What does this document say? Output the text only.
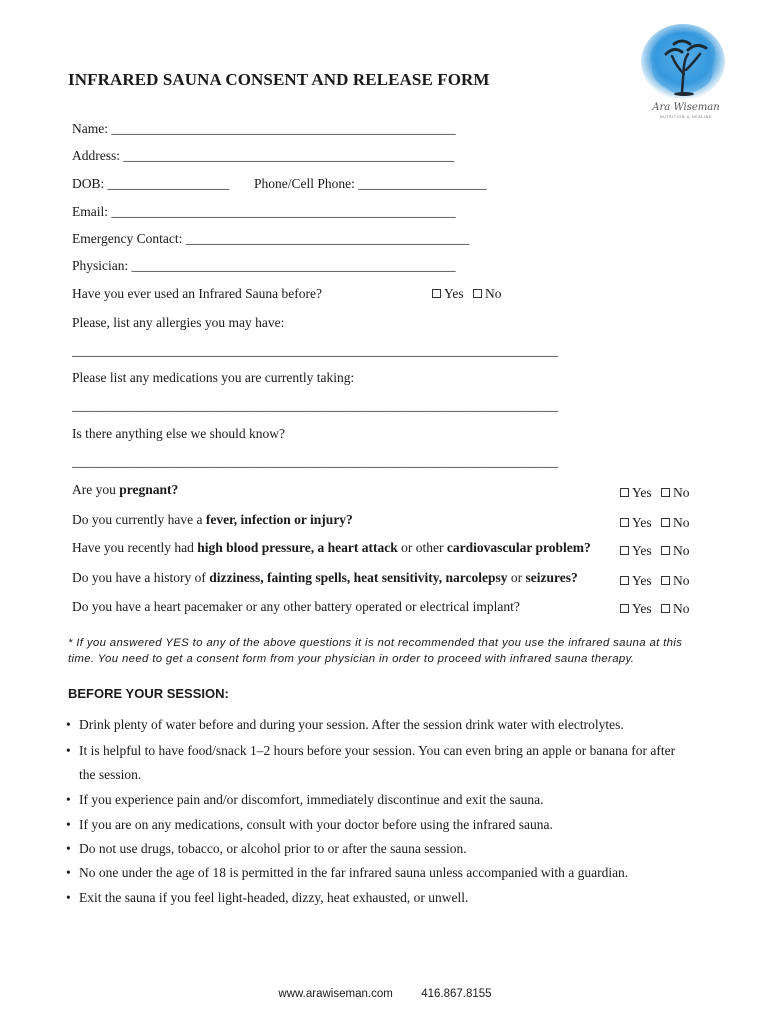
Ara Wiseman
NUTRITION & HEALING
INFRARED SAUNA CONSENT AND RELEASE FORM
Name: ___________________________________________________
Address: _________________________________________________
DOB: __________________ Phone/Cell Phone: ___________________
Email: ___________________________________________________
Emergency Contact: __________________________________________
Physician: ________________________________________________
Have you ever used an Infrared Sauna before?	Yes No
Please, list any allergies you may have:
________________________________________________________________________
Please list any medications you are currently taking:
________________________________________________________________________
Is there anything else we should know?
________________________________________________________________________
Are you pregnant?	Yes No
Do you currently have a fever, infection or injury?	Yes No
Have you recently had high blood pressure, a heart attack or other cardiovascular problem?	Yes No
Do you have a history of dizziness, fainting spells, heat sensitivity, narcolepsy or seizures?	Yes No
Do you have a heart pacemaker or any other battery operated or electrical implant?	Yes No
* If you answered YES to any of the above questions it is not recommended that you use the infrared sauna at this time. You need to get a consent form from your physician in order to proceed with infrared sauna therapy.
BEFORE YOUR SESSION:
• Drink plenty of water before and during your session. After the session drink water with electrolytes.
• It is helpful to have food/snack 1–2 hours before your session. You can even bring an apple or banana for after
the session.
• If you experience pain and/or discomfort, immediately discontinue and exit the sauna.
• If you are on any medications, consult with your doctor before using the infrared sauna.
• Do not use drugs, tobacco, or alcohol prior to or after the sauna session.
• No one under the age of 18 is permitted in the far infrared sauna unless accompanied with a guardian.
• Exit the sauna if you feel light-headed, dizzy, heat exhausted, or unwell.
www.arawiseman.com 416.867.8155
